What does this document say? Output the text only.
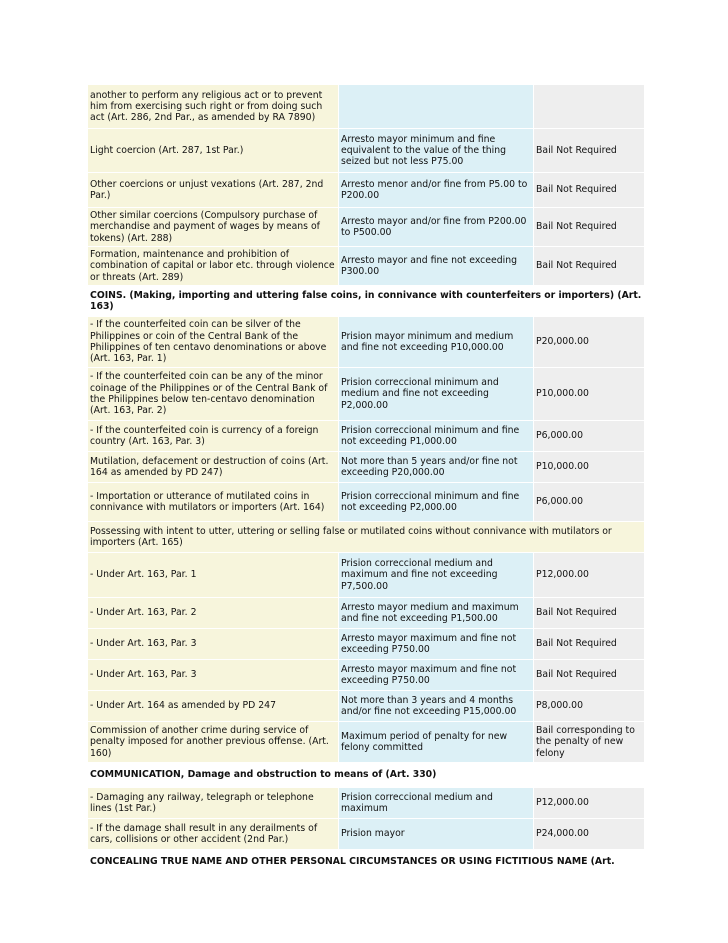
another to perform any religious act or to prevent him from exercising such right or from doing such act (Art. 286, 2nd Par., as amended by RA 7890)		
Light coercion (Art. 287, 1st Par.)	Arresto mayor minimum and fine equivalent to the value of the thing seized but not less P75.00	Bail Not Required
Other coercions or unjust vexations (Art. 287, 2nd Par.)	Arresto menor and/or fine from P5.00 to P200.00	Bail Not Required
Other similar coercions (Compulsory purchase of merchandise and payment of wages by means of tokens) (Art. 288)	Arresto mayor and/or fine from P200.00 to P500.00	Bail Not Required
Formation, maintenance and prohibition of combination of capital or labor etc. through violence or threats (Art. 289)	Arresto mayor and fine not exceeding P300.00	Bail Not Required
COINS. (Making, importing and uttering false coins, in connivance with counterfeiters or importers) (Art. 163)		
- If the counterfeited coin can be silver of the Philippines or coin of the Central Bank of the Philippines of ten centavo denominations or above (Art. 163, Par. 1)	Prision mayor minimum and medium and fine not exceeding P10,000.00	P20,000.00
- If the counterfeited coin can be any of the minor coinage of the Philippines or of the Central Bank of the Philippines below ten-centavo denomination (Art. 163, Par. 2)	Prision correccional minimum and medium and fine not exceeding P2,000.00	P10,000.00
- If the counterfeited coin is currency of a foreign country (Art. 163, Par. 3)	Prision correccional minimum and fine not exceeding P1,000.00	P6,000.00
Mutilation, defacement or destruction of coins (Art. 164 as amended by PD 247)	Not more than 5 years and/or fine not exceeding P20,000.00	P10,000.00
- Importation or utterance of mutilated coins in connivance with mutilators or importers (Art. 164)	Prision correccional minimum and fine not exceeding P2,000.00	P6,000.00
Possessing with intent to utter, uttering or selling false or mutilated coins without connivance with mutilators or importers (Art. 165)		
- Under Art. 163, Par. 1	Prision correccional medium and maximum and fine not exceeding P7,500.00	P12,000.00
- Under Art. 163, Par. 2	Arresto mayor medium and maximum and fine not exceeding P1,500.00	Bail Not Required
- Under Art. 163, Par. 3	Arresto mayor maximum and fine not exceeding P750.00	Bail Not Required
- Under Art. 163, Par. 3	Arresto mayor maximum and fine not exceeding P750.00	Bail Not Required
- Under Art. 164 as amended by PD 247	Not more than 3 years and 4 months and/or fine not exceeding P15,000.00	P8,000.00
Commission of another crime during service of penalty imposed for another previous offense. (Art. 160)	Maximum period of penalty for new felony committed	Bail corresponding to the penalty of new felony
COMMUNICATION, Damage and obstruction to means of (Art. 330)		
- Damaging any railway, telegraph or telephone lines (1st Par.)	Prision correccional medium and maximum	P12,000.00
- If the damage shall result in any derailments of cars, collisions or other accident (2nd Par.)	Prision mayor	P24,000.00
CONCEALING TRUE NAME AND OTHER PERSONAL CIRCUMSTANCES OR USING FICTITIOUS NAME (Art.		
